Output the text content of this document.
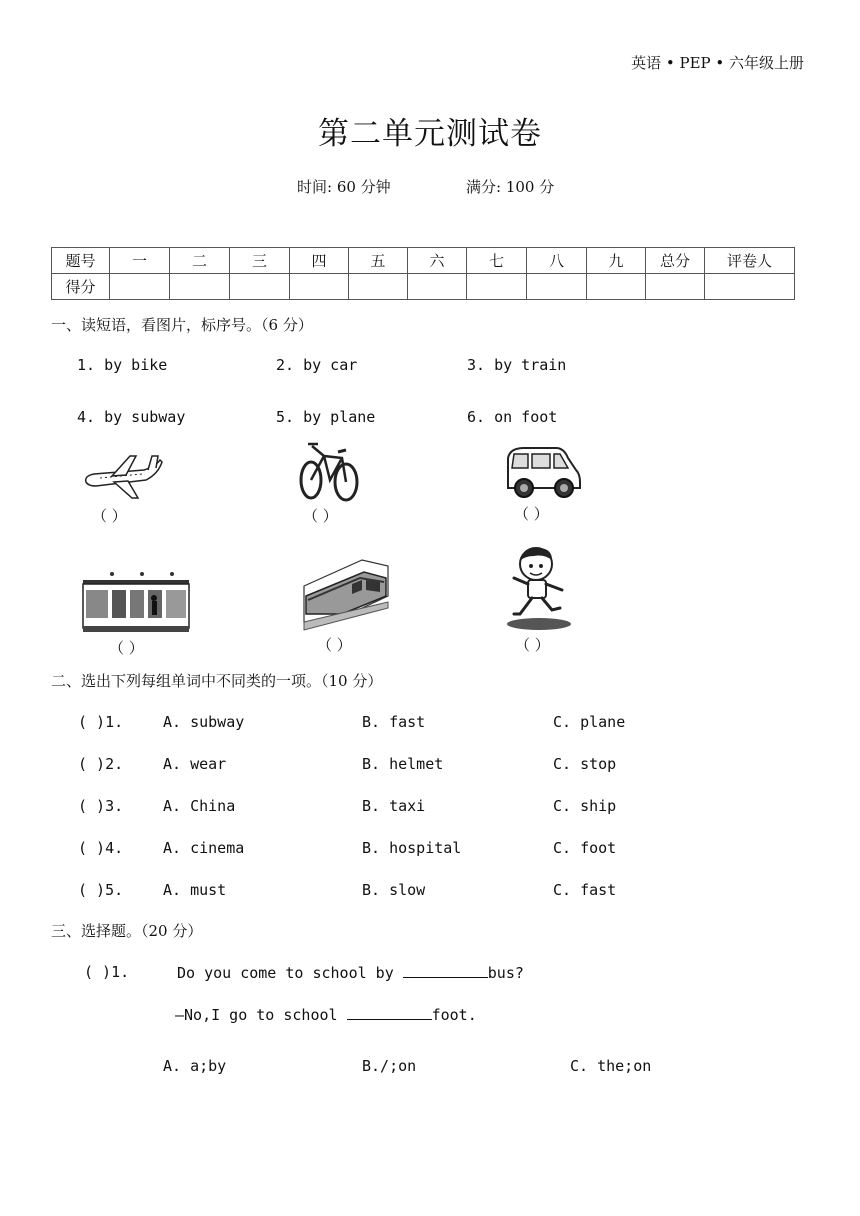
英语 • PEP • 六年级上册
第二单元测试卷
时间: 60 分钟	满分: 100 分
题号	一	二	三	四	五	六	七	八	九	总分	评卷人
得分											
一、读短语，看图片，标序号。（6 分）
1. by bike	2. by car	3. by train
4. by subway	5. by plane	6. on foot
（ ）	（ ）	（ ）
（ ）	（ ）	（ ）
二、选出下列每组单词中不同类的一项。（10 分）
( )1.	A. subway	B. fast	C. plane
( )2.	A. wear	B. helmet	C. stop
( )3.	A. China	B. taxi	C. ship
( )4.	A. cinema	B. hospital	C. foot
( )5.	A. must	B. slow	C. fast
三、选择题。（20 分）
( )1.	Do you come to school by	bus?
—No,I go to school	foot.
A. a;by	B./;on	C. the;on
